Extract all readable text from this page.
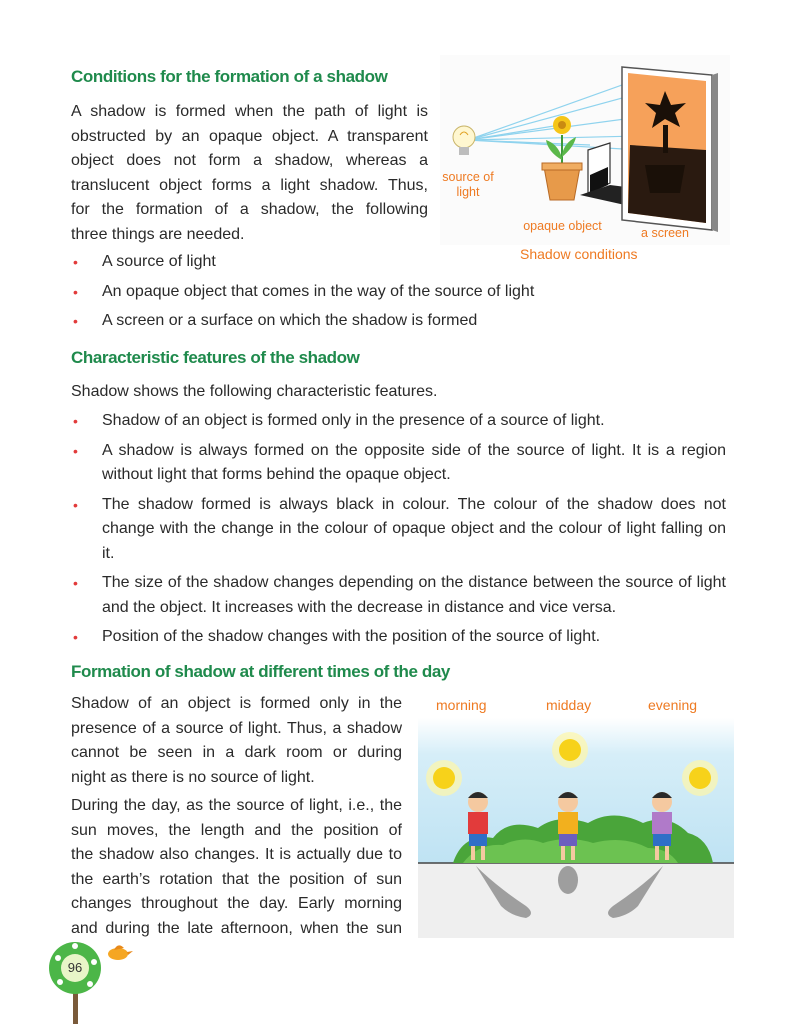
Conditions for the formation of a shadow
A shadow is formed when the path of light is
obstructed by an opaque object. A transparent
object does not form a shadow, whereas a
translucent object forms a light shadow. Thus,
for the formation of a shadow, the following
three things are needed.
• A source of light
• An opaque object that comes in the way of the source of light
• A screen or a surface on which the shadow is formed
source of light
opaque object	a screen
Shadow conditions
Characteristic features of the shadow
Shadow shows the following characteristic features.
• Shadow of an object is formed only in the presence of a source of light.
• A shadow is always formed on the opposite side of the source of light. It is a region without light that forms behind the opaque object.
• The shadow formed is always black in colour. The colour of the shadow does not change with the change in the colour of opaque object and the colour of light falling on it.
• The size of the shadow changes depending on the distance between the source of light and the object. It increases with the decrease in distance and vice versa.
• Position of the shadow changes with the position of the source of light.
Formation of shadow at different times of the day
Shadow of an object is formed only in the
presence of a source of light. Thus, a shadow
cannot be seen in a dark room or during
night as there is no source of light.
During the day, as the source of light, i.e., the
sun moves, the length and the position of
the shadow also changes. It is actually due to
the earth’s rotation that the position of sun
changes throughout the day. Early morning
and during the late afternoon, when the sun
morning	midday	evening
96
